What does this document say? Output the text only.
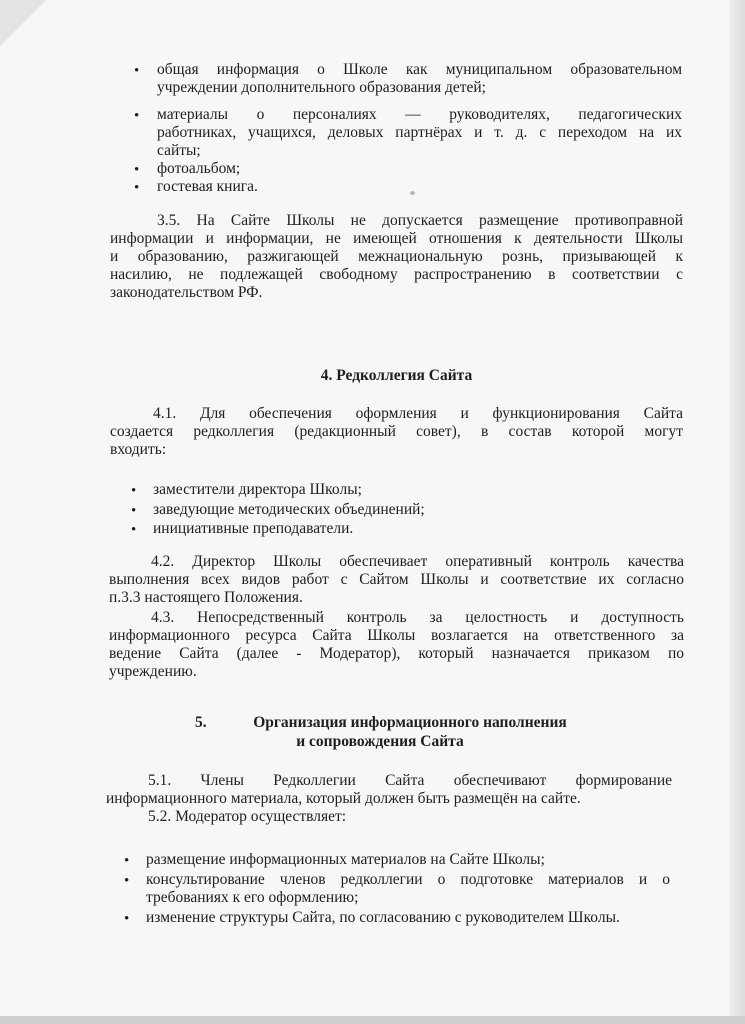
• общая информация о Школе как муниципальном образовательном
учреждении дополнительного образования детей;
• материалы о персоналиях — руководителях, педагогических
работниках, учащихся, деловых партнёрах и т. д. с переходом на их
сайты;
• фотоальбом;
• гостевая книга.
3.5. На Сайте Школы не допускается размещение противоправной
информации и информации, не имеющей отношения к деятельности Школы
и образованию, разжигающей межнациональную рознь, призывающей к
насилию, не подлежащей свободному распространению в соответствии с
законодательством РФ.
4. Редколлегия Сайта
4.1. Для обеспечения оформления и функционирования Сайта
создается редколлегия (редакционный совет), в состав которой могут
входить:
• заместители директора Школы;
• заведующие методических объединений;
• инициативные преподаватели.
4.2. Директор Школы обеспечивает оперативный контроль качества
выполнения всех видов работ с Сайтом Школы и соответствие их согласно
п.3.3 настоящего Положения.
4.3. Непосредственный контроль за целостность и доступность
информационного ресурса Сайта Школы возлагается на ответственного за
ведение Сайта (далее - Модератор), который назначается приказом по
учреждению.
5.	Организация информационного наполнения
и сопровождения Сайта
5.1. Члены Редколлегии Сайта обеспечивают формирование
информационного материала, который должен быть размещён на сайте.
5.2. Модератор осуществляет:
• размещение информационных материалов на Сайте Школы;
• консультирование членов редколлегии о подготовке материалов и о
требованиях к его оформлению;
• изменение структуры Сайта, по согласованию с руководителем Школы.
